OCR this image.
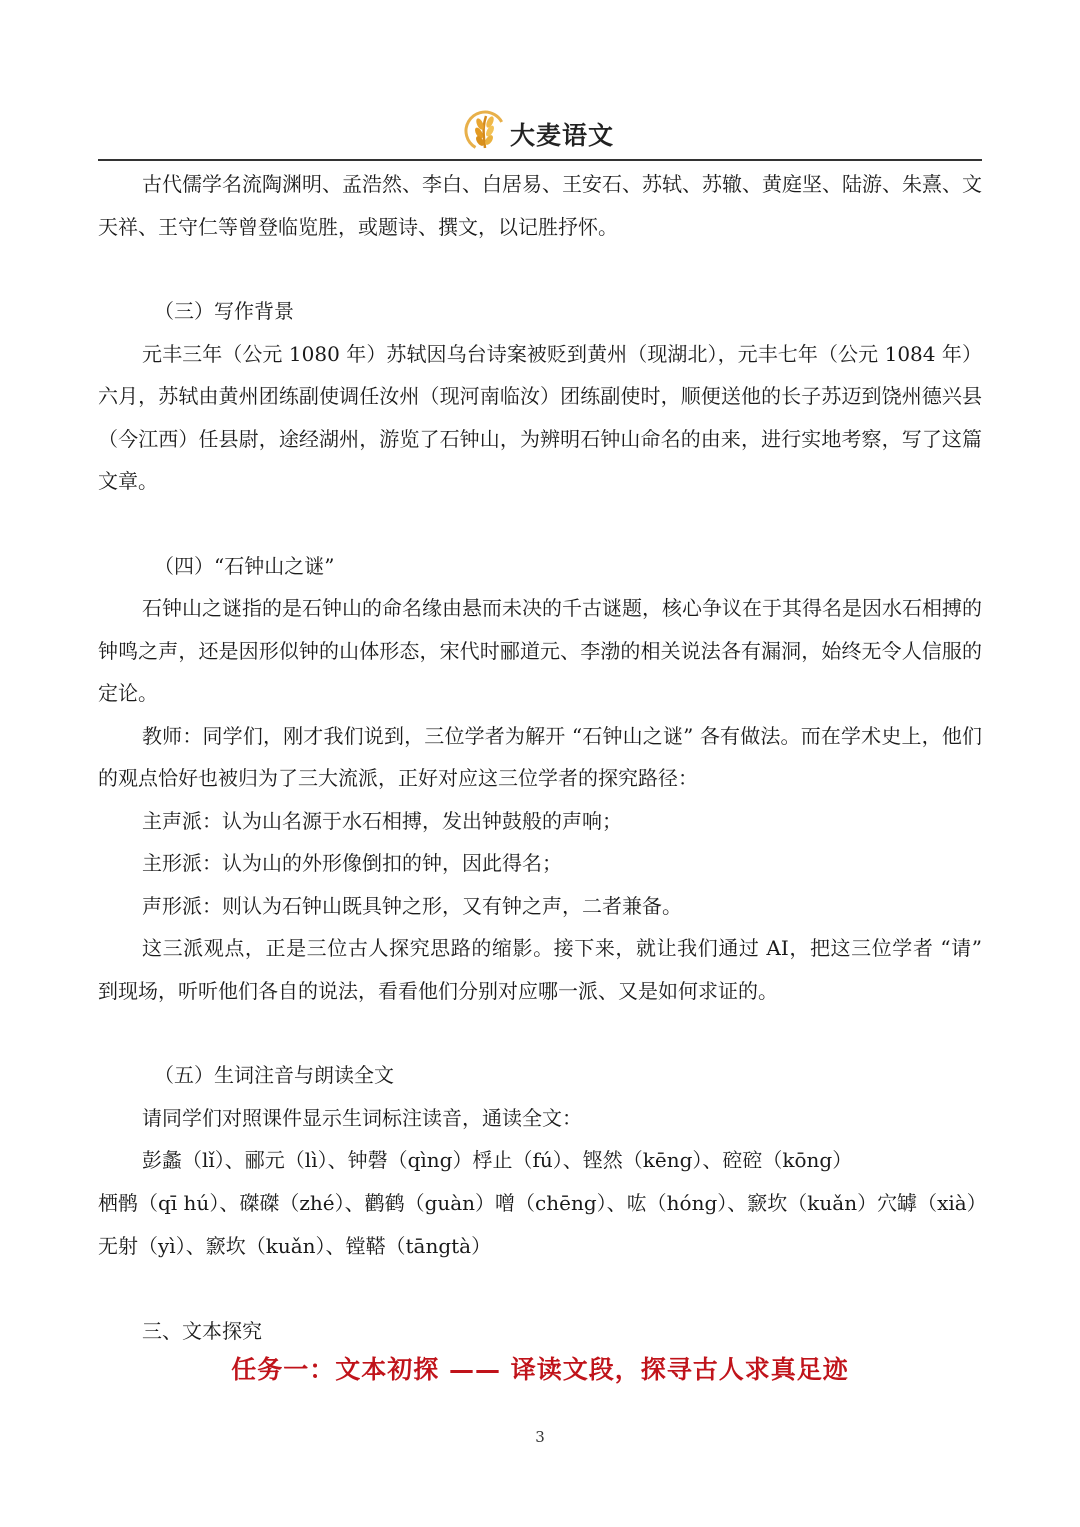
大麦语文

古代儒学名流陶渊明、孟浩然、李白、白居易、王安石、苏轼、苏辙、黄庭坚、陆游、朱熹、文天祥、王守仁等曾登临览胜，或题诗、撰文，以记胜抒怀。

（三）写作背景

元丰三年（公元 1080 年）苏轼因乌台诗案被贬到黄州（现湖北），元丰七年（公元 1084 年）六月，苏轼由黄州团练副使调任汝州（现河南临汝）团练副使时，顺便送他的长子苏迈到饶州德兴县（今江西）任县尉，途经湖州，游览了石钟山，为辨明石钟山命名的由来，进行实地考察，写了这篇文章。

（四）“石钟山之谜”

石钟山之谜指的是石钟山的命名缘由悬而未决的千古谜题，核心争议在于其得名是因水石相搏的钟鸣之声，还是因形似钟的山体形态，宋代时郦道元、李渤的相关说法各有漏洞，始终无令人信服的定论。

教师：同学们，刚才我们说到，三位学者为解开 “石钟山之谜” 各有做法。而在学术史上，他们的观点恰好也被归为了三大流派，正好对应这三位学者的探究路径：

主声派：认为山名源于水石相搏，发出钟鼓般的声响；

主形派：认为山的外形像倒扣的钟，因此得名；

声形派：则认为石钟山既具钟之形，又有钟之声，二者兼备。

这三派观点，正是三位古人探究思路的缩影。接下来，就让我们通过 AI，把这三位学者 “请” 到现场，听听他们各自的说法，看看他们分别对应哪一派、又是如何求证的。

（五）生词注音与朗读全文

请同学们对照课件显示生词标注读音，通读全文：

彭蠡（lǐ）、郦元（lì）、钟磬（qìng）桴止（fú）、铿然（kēng）、硿硿（kōng）

栖鹘（qī hú）、磔磔（zhé）、鹳鹤（guàn）噌（chēng）、吰（hóng）、窾坎（kuǎn）穴罅（xià）

无射（yì）、窾坎（kuǎn）、镗鞳（tāngtà）

三、文本探究

任务一：文本初探 —— 译读文段，探寻古人求真足迹
3
